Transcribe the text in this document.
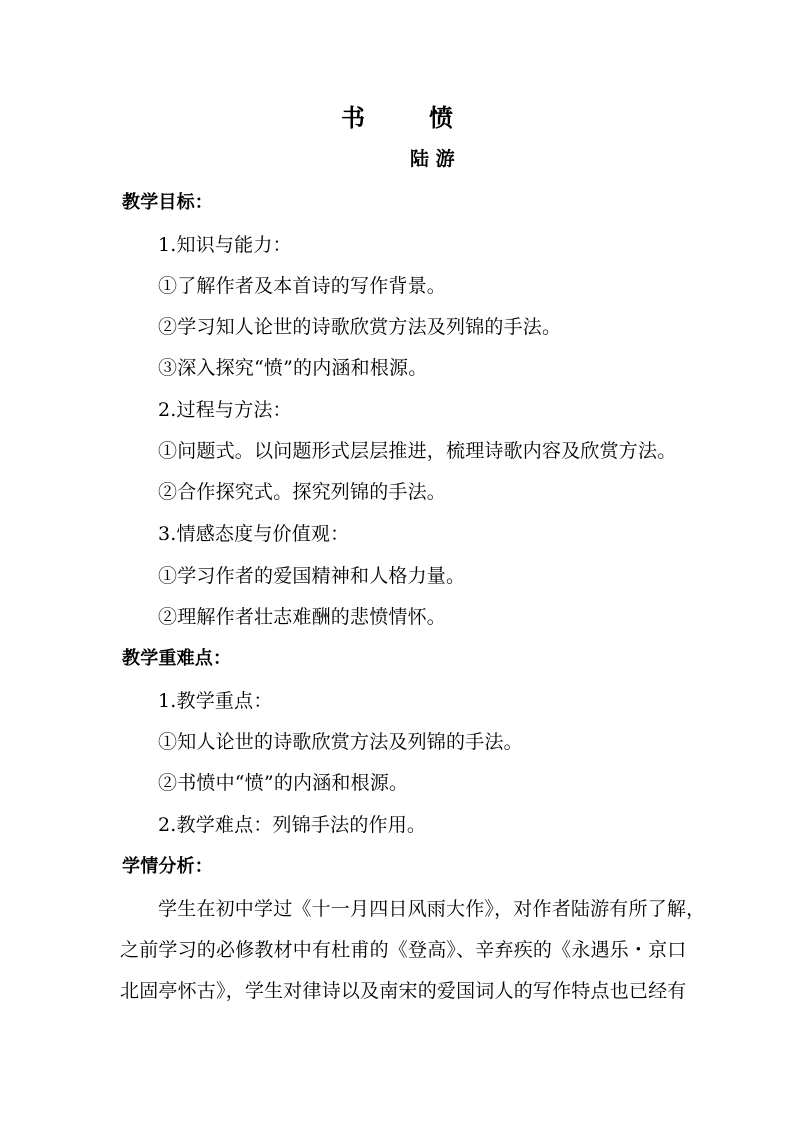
书	愤
陆 游
教学目标：
1.知识与能力：
①了解作者及本首诗的写作背景。
②学习知人论世的诗歌欣赏方法及列锦的手法。
③深入探究“愤”的内涵和根源。
2.过程与方法：
①问题式。以问题形式层层推进，梳理诗歌内容及欣赏方法。
②合作探究式。探究列锦的手法。
3.情感态度与价值观：
①学习作者的爱国精神和人格力量。
②理解作者壮志难酬的悲愤情怀。
教学重难点：
1.教学重点：
①知人论世的诗歌欣赏方法及列锦的手法。
②书愤中“愤”的内涵和根源。
2.教学难点：列锦手法的作用。
学情分析：
学生在初中学过《十一月四日风雨大作》，对作者陆游有所了解，
之前学习的必修教材中有杜甫的《登高》、辛弃疾的《永遇乐・京口
北固亭怀古》，学生对律诗以及南宋的爱国词人的写作特点也已经有
